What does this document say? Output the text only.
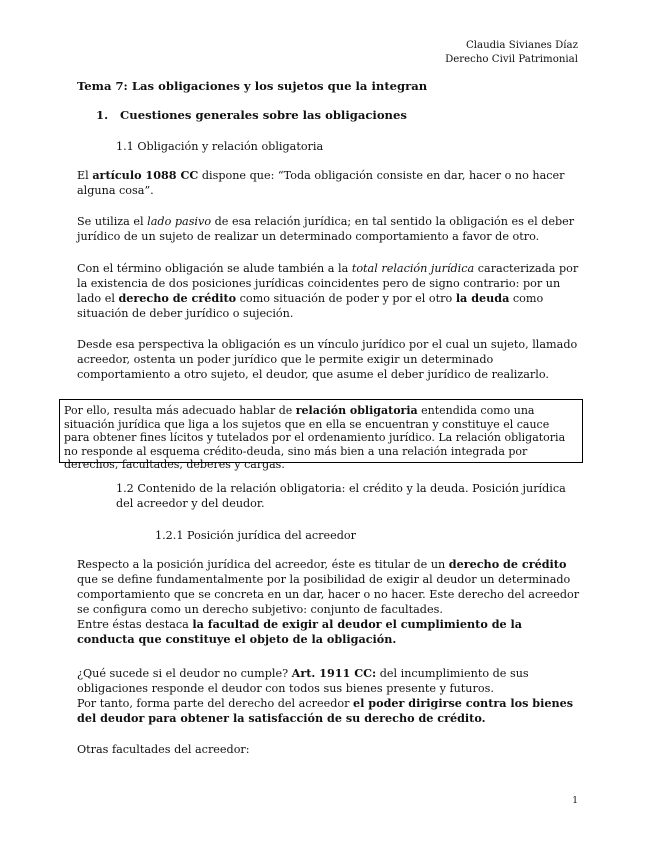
Claudia Sivianes Díaz
Derecho Civil Patrimonial
Tema 7: Las obligaciones y los sujetos que la integran
1. Cuestiones generales sobre las obligaciones
1.1 Obligación y relación obligatoria
El artículo 1088 CC dispone que: “Toda obligación consiste en dar, hacer o no hacer alguna cosa”.
Se utiliza el lado pasivo de esa relación jurídica; en tal sentido la obligación es el deber jurídico de un sujeto de realizar un determinado comportamiento a favor de otro.
Con el término obligación se alude también a la total relación jurídica caracterizada por la existencia de dos posiciones jurídicas coincidentes pero de signo contrario: por un lado el derecho de crédito como situación de poder y por el otro la deuda como situación de deber jurídico o sujeción.
Desde esa perspectiva la obligación es un vínculo jurídico por el cual un sujeto, llamado acreedor, ostenta un poder jurídico que le permite exigir un determinado comportamiento a otro sujeto, el deudor, que asume el deber jurídico de realizarlo.
Por ello, resulta más adecuado hablar de relación obligatoria entendida como una situación jurídica que liga a los sujetos que en ella se encuentran y constituye el cauce para obtener fines lícitos y tutelados por el ordenamiento jurídico. La relación obligatoria no responde al esquema crédito-deuda, sino más bien a una relación integrada por derechos, facultades, deberes y cargas.
1.2 Contenido de la relación obligatoria: el crédito y la deuda. Posición jurídica del acreedor y del deudor.
1.2.1 Posición jurídica del acreedor
Respecto a la posición jurídica del acreedor, éste es titular de un derecho de crédito que se define fundamentalmente por la posibilidad de exigir al deudor un determinado comportamiento que se concreta en un dar, hacer o no hacer. Este derecho del acreedor se configura como un derecho subjetivo: conjunto de facultades.
Entre éstas destaca la facultad de exigir al deudor el cumplimiento de la conducta que constituye el objeto de la obligación.
¿Qué sucede si el deudor no cumple? Art. 1911 CC: del incumplimiento de sus obligaciones responde el deudor con todos sus bienes presente y futuros.
Por tanto, forma parte del derecho del acreedor el poder dirigirse contra los bienes del deudor para obtener la satisfacción de su derecho de crédito.
Otras facultades del acreedor:
1
